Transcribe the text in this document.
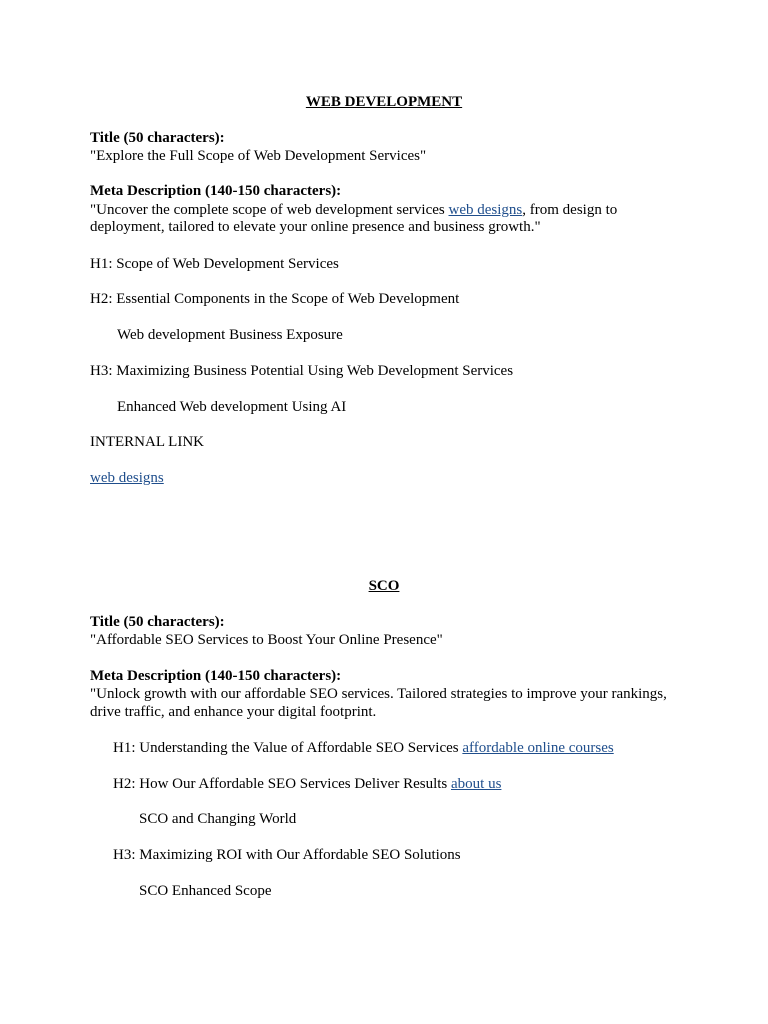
WEB DEVELOPMENT

Title (50 characters):

"Explore the Full Scope of Web Development Services"

Meta Description (140-150 characters):

"Uncover the complete scope of web development services web designs, from design to

deployment, tailored to elevate your online presence and business growth."

H1: Scope of Web Development Services

H2: Essential Components in the Scope of Web Development

Web development Business Exposure

H3: Maximizing Business Potential Using Web Development Services

Enhanced Web development Using AI

INTERNAL LINK

web designs

SCO

Title (50 characters):

"Affordable SEO Services to Boost Your Online Presence"

Meta Description (140-150 characters):

"Unlock growth with our affordable SEO services. Tailored strategies to improve your rankings,

drive traffic, and enhance your digital footprint.

H1: Understanding the Value of Affordable SEO Services affordable online courses

H2: How Our Affordable SEO Services Deliver Results about us

SCO and Changing World

H3: Maximizing ROI with Our Affordable SEO Solutions

SCO Enhanced Scope
